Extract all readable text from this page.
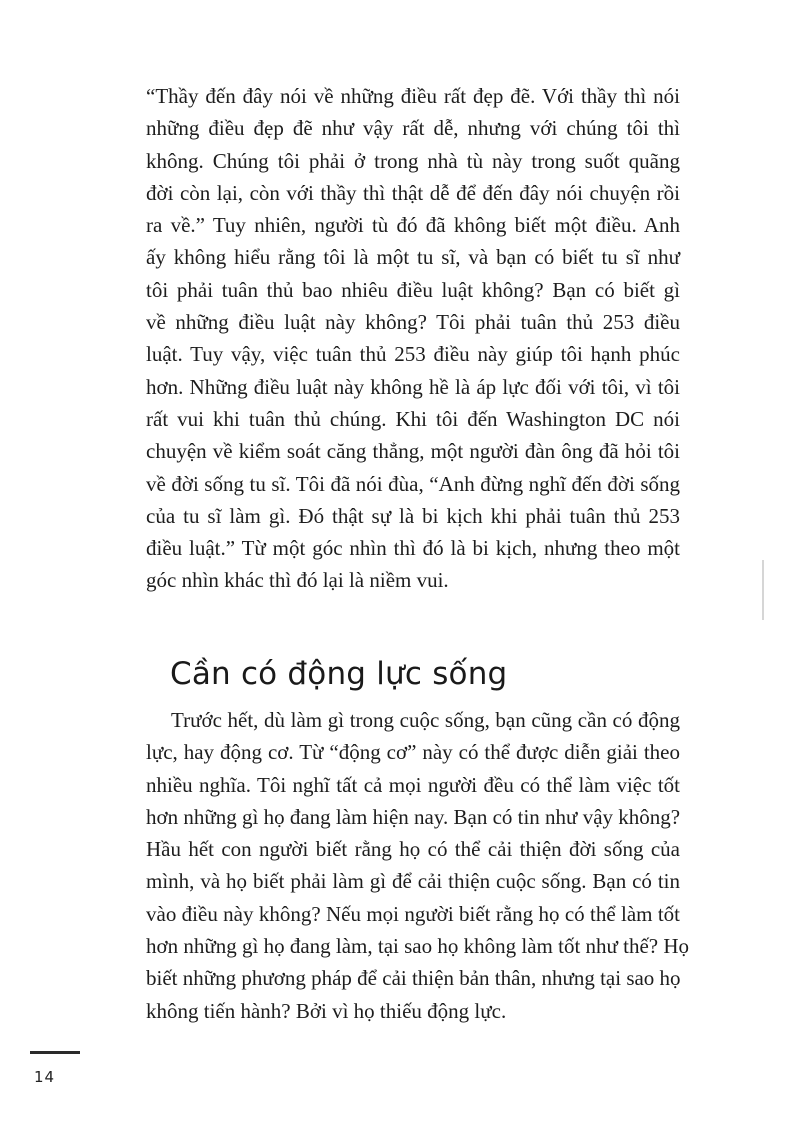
“Thầy đến đây nói về những điều rất đẹp đẽ. Với thầy thì nói
những điều đẹp đẽ như vậy rất dễ, nhưng với chúng tôi thì
không. Chúng tôi phải ở trong nhà tù này trong suốt quãng
đời còn lại, còn với thầy thì thật dễ để đến đây nói chuyện rồi
ra về.” Tuy nhiên, người tù đó đã không biết một điều. Anh
ấy không hiểu rằng tôi là một tu sĩ, và bạn có biết tu sĩ như
tôi phải tuân thủ bao nhiêu điều luật không? Bạn có biết gì
về những điều luật này không? Tôi phải tuân thủ 253 điều
luật. Tuy vậy, việc tuân thủ 253 điều này giúp tôi hạnh phúc
hơn. Những điều luật này không hề là áp lực đối với tôi, vì tôi
rất vui khi tuân thủ chúng. Khi tôi đến Washington DC nói
chuyện về kiểm soát căng thẳng, một người đàn ông đã hỏi tôi
về đời sống tu sĩ. Tôi đã nói đùa, “Anh đừng nghĩ đến đời sống
của tu sĩ làm gì. Đó thật sự là bi kịch khi phải tuân thủ 253
điều luật.” Từ một góc nhìn thì đó là bi kịch, nhưng theo một
góc nhìn khác thì đó lại là niềm vui.
Cần có động lực sống
Trước hết, dù làm gì trong cuộc sống, bạn cũng cần có động
lực, hay động cơ. Từ “động cơ” này có thể được diễn giải theo
nhiều nghĩa. Tôi nghĩ tất cả mọi người đều có thể làm việc tốt
hơn những gì họ đang làm hiện nay. Bạn có tin như vậy không?
Hầu hết con người biết rằng họ có thể cải thiện đời sống của
mình, và họ biết phải làm gì để cải thiện cuộc sống. Bạn có tin
vào điều này không? Nếu mọi người biết rằng họ có thể làm tốt
hơn những gì họ đang làm, tại sao họ không làm tốt như thế? Họ
biết những phương pháp để cải thiện bản thân, nhưng tại sao họ
không tiến hành? Bởi vì họ thiếu động lực.
14
